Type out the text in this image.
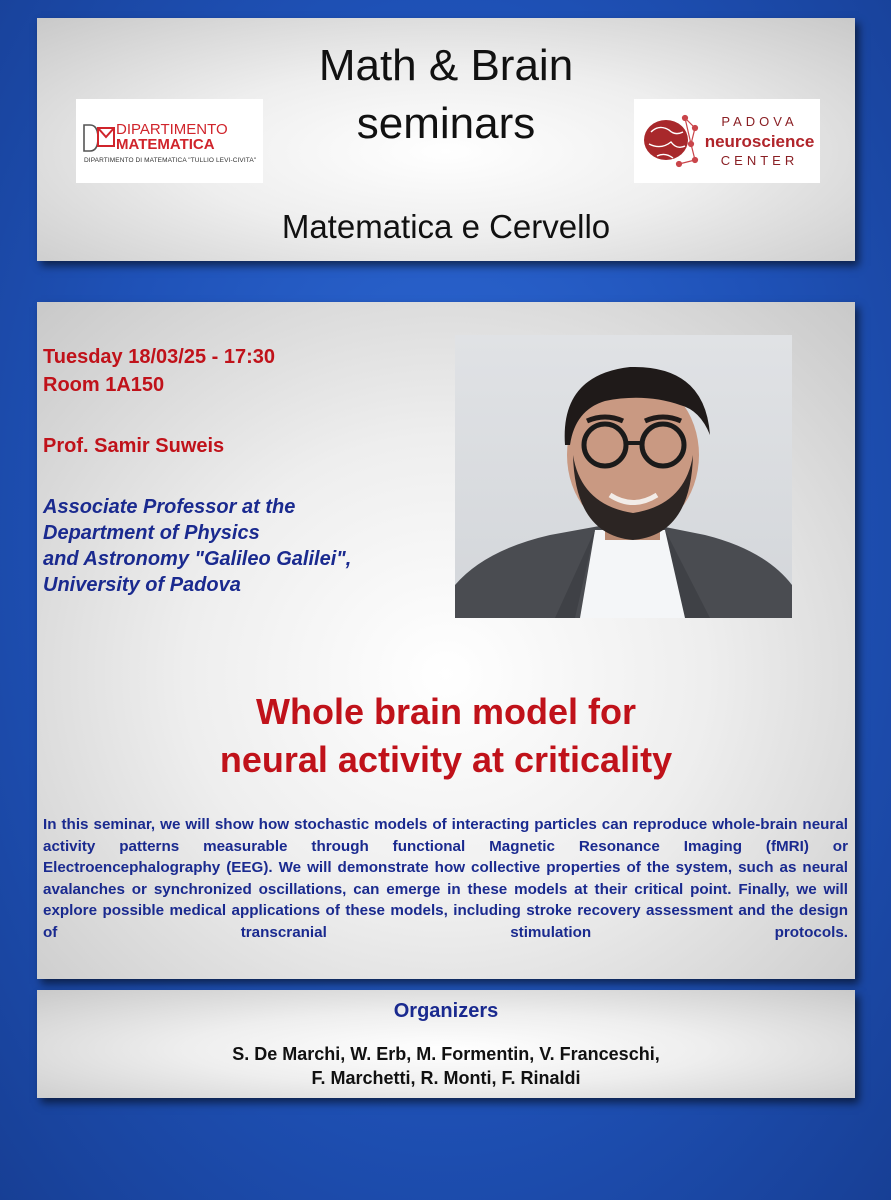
Math & Brain
seminars
Matematica e Cervello
DIPARTIMENTO
MATEMATICA
DIPARTIMENTO DI MATEMATICA "TULLIO LEVI-CIVITA"
PADOVA
neuroscience
CENTER
Tuesday 18/03/25 - 17:30
Room 1A150
Prof. Samir Suweis
Associate Professor at the
Department of Physics
and Astronomy "Galileo Galilei",
University of Padova
Whole brain model for
neural activity at criticality
In this seminar, we will show how stochastic models of interacting particles can reproduce whole-brain neural activity patterns measurable through functional Magnetic Resonance Imaging (fMRI) or Electroencephalography (EEG). We will demonstrate how collective properties of the system, such as neural avalanches or synchronized oscillations, can emerge in these models at their critical point. Finally, we will explore possible medical applications of these models, including stroke recovery assessment and the design of transcranial stimulation protocols.
Organizers
S. De Marchi, W. Erb, M. Formentin, V. Franceschi,
F. Marchetti, R. Monti, F. Rinaldi
